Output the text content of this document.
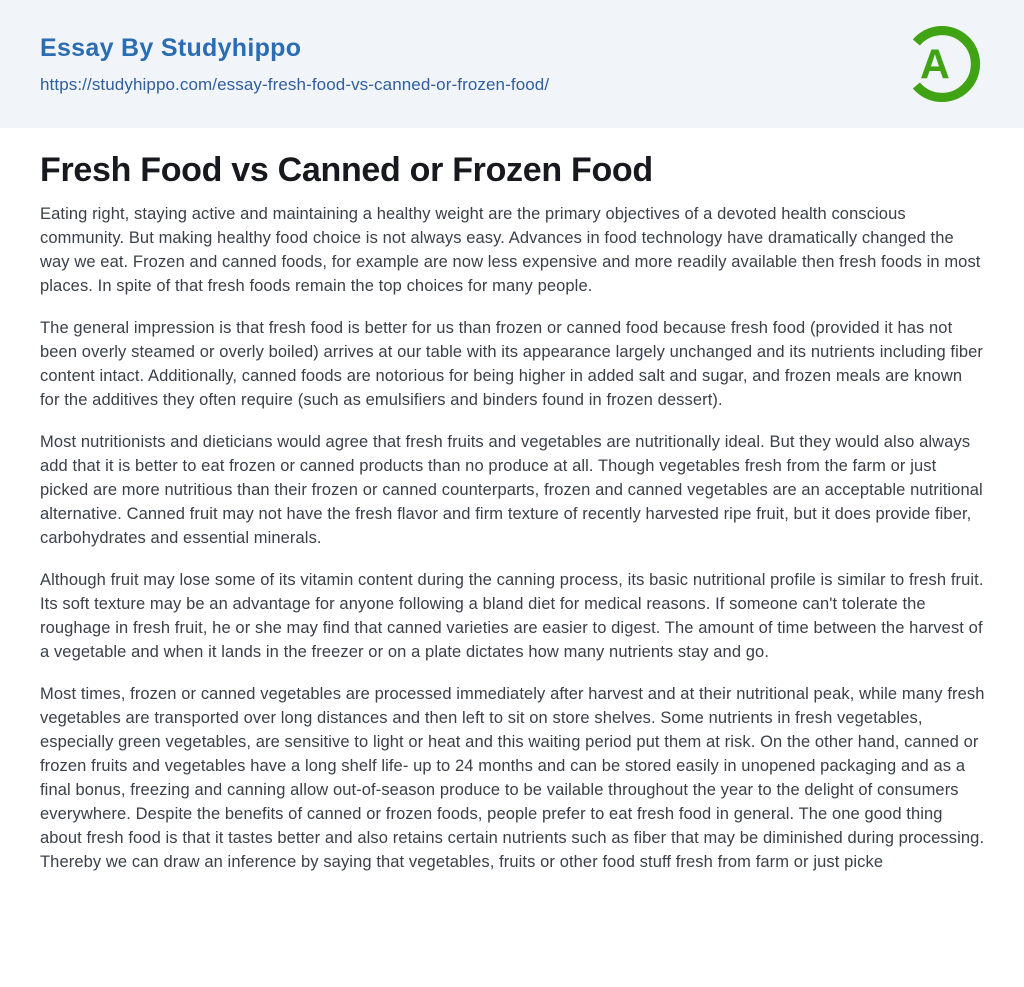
Essay By Studyhippo
https://studyhippo.com/essay-fresh-food-vs-canned-or-frozen-food/	A
Fresh Food vs Canned or Frozen Food

Eating right, staying active and maintaining a healthy weight are the primary objectives of a devoted health conscious community. But making healthy food choice is not always easy. Advances in food technology have dramatically changed the way we eat. Frozen and canned foods, for example are now less expensive and more readily available then fresh foods in most places. In spite of that fresh foods remain the top choices for many people.

The general impression is that fresh food is better for us than frozen or canned food because fresh food (provided it has not been overly steamed or overly boiled) arrives at our table with its appearance largely unchanged and its nutrients including fiber content intact. Additionally, canned foods are notorious for being higher in added salt and sugar, and frozen meals are known for the additives they often require (such as emulsifiers and binders found in frozen dessert).

Most nutritionists and dieticians would agree that fresh fruits and vegetables are nutritionally ideal. But they would also always add that it is better to eat frozen or canned products than no produce at all. Though vegetables fresh from the farm or just picked are more nutritious than their frozen or canned counterparts, frozen and canned vegetables are an acceptable nutritional alternative. Canned fruit may not have the fresh flavor and firm texture of recently harvested ripe fruit, but it does provide fiber, carbohydrates and essential minerals.

Although fruit may lose some of its vitamin content during the canning process, its basic nutritional profile is similar to fresh fruit. Its soft texture may be an advantage for anyone following a bland diet for medical reasons. If someone can't tolerate the roughage in fresh fruit, he or she may find that canned varieties are easier to digest. The amount of time between the harvest of a vegetable and when it lands in the freezer or on a plate dictates how many nutrients stay and go.

Most times, frozen or canned vegetables are processed immediately after harvest and at their nutritional peak, while many fresh vegetables are transported over long distances and then left to sit on store shelves. Some nutrients in fresh vegetables, especially green vegetables, are sensitive to light or heat and this waiting period put them at risk. On the other hand, canned or frozen fruits and vegetables have a long shelf life- up to 24 months and can be stored easily in unopened packaging and as a final bonus, freezing and canning allow out-of-season produce to be vailable throughout the year to the delight of consumers everywhere. Despite the benefits of canned or frozen foods, people prefer to eat fresh food in general. The one good thing about fresh food is that it tastes better and also retains certain nutrients such as fiber that may be diminished during processing. Thereby we can draw an inference by saying that vegetables, fruits or other food stuff fresh from farm or just picke
